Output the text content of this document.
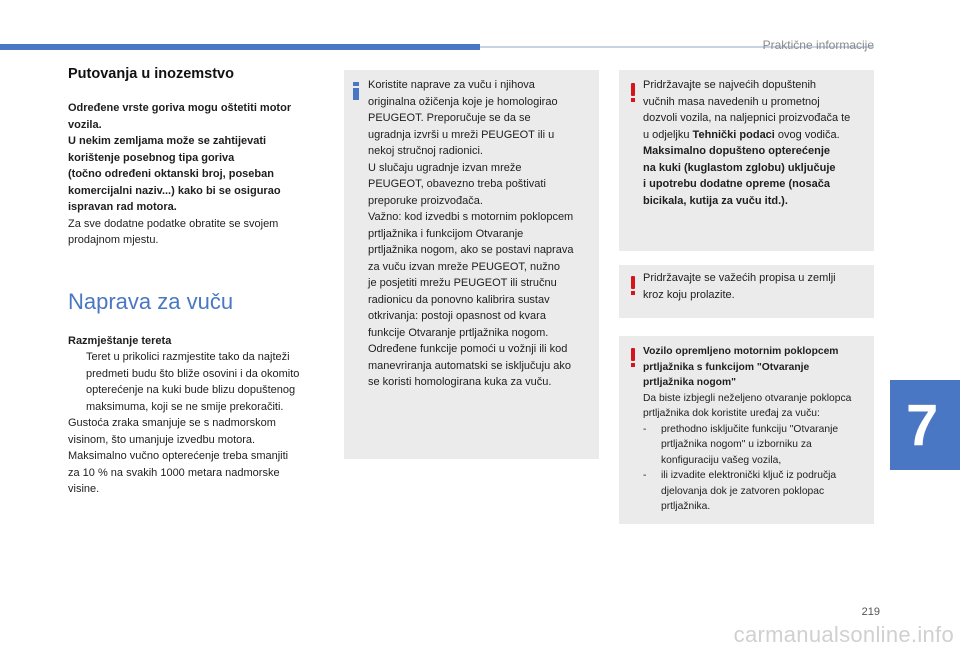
Praktične informacije
Putovanja u inozemstvo
Određene vrste goriva mogu oštetiti motor
vozila.
U nekim zemljama može se zahtijevati
korištenje posebnog tipa goriva
(točno određeni oktanski broj, poseban
komercijalni naziv...) kako bi se osigurao
ispravan rad motora.
Za sve dodatne podatke obratite se svojem
prodajnom mjestu.
Naprava za vuču
Razmještanje tereta
Teret u prikolici razmjestite tako da najteži
predmeti budu što bliže osovini i da okomito
opterećenje na kuki bude blizu dopuštenog
maksimuma, koji se ne smije prekoračiti.
Gustoća zraka smanjuje se s nadmorskom
visinom, što umanjuje izvedbu motora.
Maksimalno vučno opterećenje treba smanjiti
za 10 % na svakih 1000 metara nadmorske
visine.
Koristite naprave za vuču i njihova
originalna ožičenja koje je homologirao
PEUGEOT. Preporučuje se da se
ugradnja izvrši u mreži PEUGEOT ili u
nekoj stručnoj radionici.
U slučaju ugradnje izvan mreže
PEUGEOT, obavezno treba poštivati
preporuke proizvođača.
Važno: kod izvedbi s motornim poklopcem
prtljažnika i funkcijom Otvaranje
prtljažnika nogom, ako se postavi naprava
za vuču izvan mreže PEUGEOT, nužno
je posjetiti mrežu PEUGEOT ili stručnu
radionicu da ponovno kalibrira sustav
otkrivanja: postoji opasnost od kvara
funkcije Otvaranje prtljažnika nogom.
Određene funkcije pomoći u vožnji ili kod
manevriranja automatski se isključuju ako
se koristi homologirana kuka za vuču.
Pridržavajte se najvećih dopuštenih
vučnih masa navedenih u prometnoj
dozvoli vozila, na naljepnici proizvođača te
u odjeljku Tehnički podaci ovog vodiča.
Maksimalno dopušteno opterećenje
na kuki (kuglastom zglobu) uključuje
i upotrebu dodatne opreme (nosača
bicikala, kutija za vuču itd.).
Pridržavajte se važećih propisa u zemlji
kroz koju prolazite.
Vozilo opremljeno motornim poklopcem
prtljažnika s funkcijom "Otvaranje
prtljažnika nogom"
Da biste izbjegli neželjeno otvaranje poklopca
prtljažnika dok koristite uređaj za vuču:
-	prethodno isključite funkciju "Otvaranje
prtljažnika nogom" u izborniku za
konfiguraciju vašeg vozila,
-	ili izvadite elektronički ključ iz područja
djelovanja dok je zatvoren poklopac
prtljažnika.
7
219
carmanualsonline.info
